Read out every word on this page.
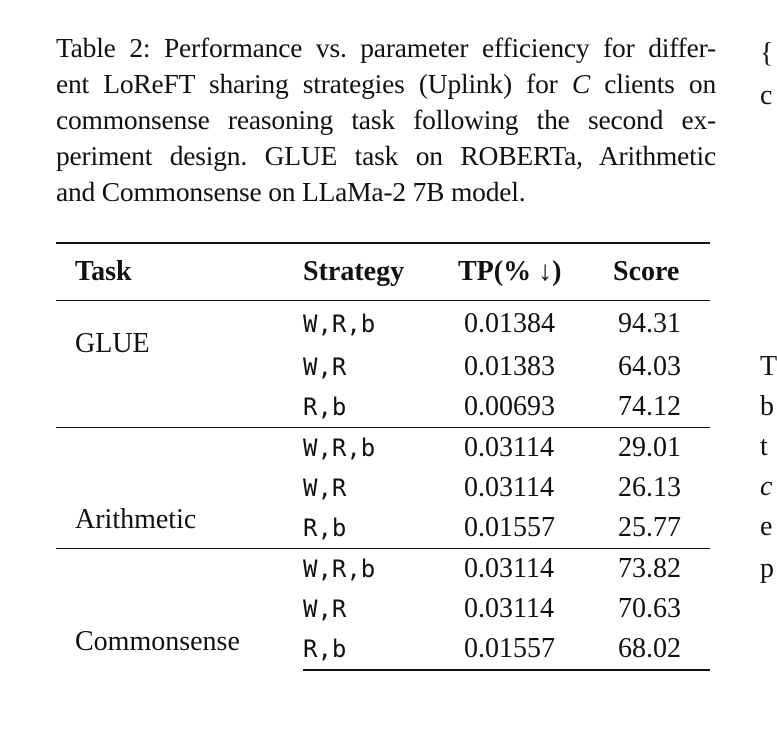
Table 2: Performance vs. parameter efficiency for differ-
ent LoReFT sharing strategies (Uplink) for C clients on
commonsense reasoning task following the second ex-
periment design. GLUE task on ROBERTa, Arithmetic
and Commonsense on LLaMa-2 7B model.
{
c
T
b
t
c
e
p
Task	Strategy	TP(% ↓)	Score
GLUE	W,R,b	0.01384	94.31
	W,R	0.01383	64.03
	R,b	0.00693	74.12
	W,R,b	0.03114	29.01
Arithmetic	W,R	0.03114	26.13
	R,b	0.01557	25.77
	W,R,b	0.03114	73.82
Commonsense	W,R	0.03114	70.63
	R,b	0.01557	68.02
